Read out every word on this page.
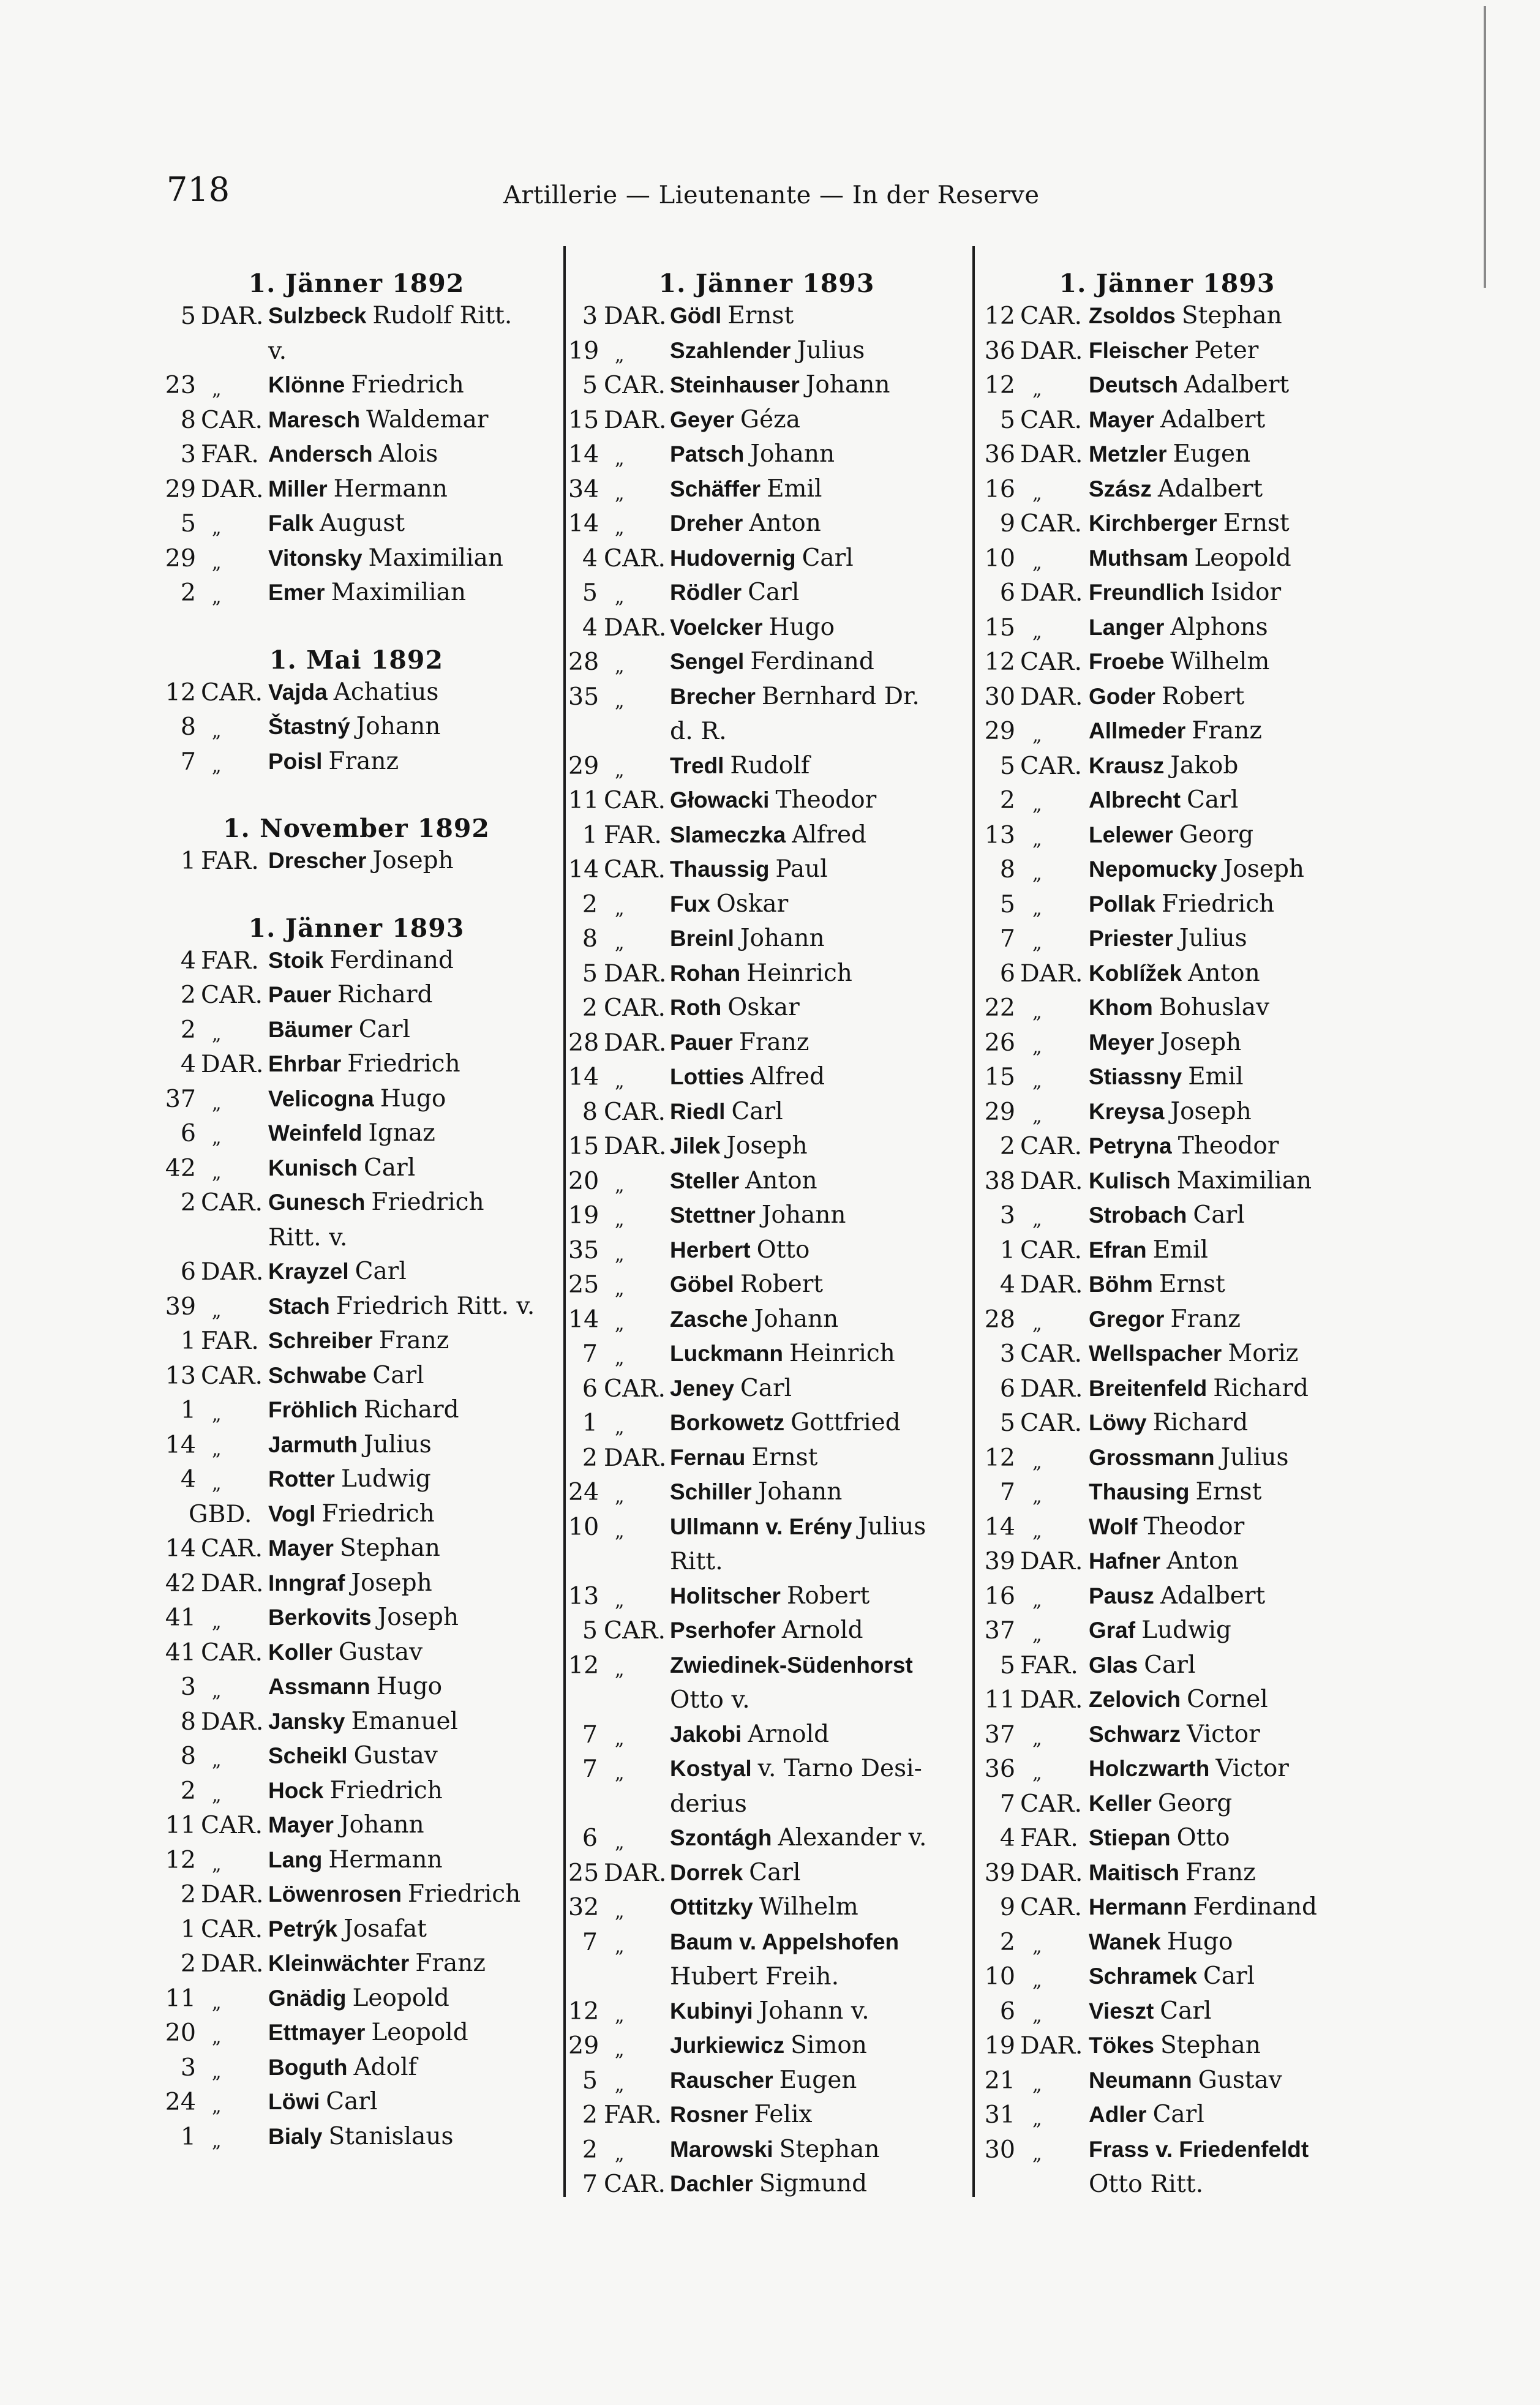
718	Artillerie — Lieutenante — In der Reserve
1. Jänner 1892
5 DAR. Sulzbeck Rudolf Ritt.
v.
23 „ Klönne Friedrich
8 CAR. Maresch Waldemar
3 FAR. Andersch Alois
29 DAR. Miller Hermann
5 „ Falk August
29 „ Vitonsky Maximilian
2 „ Emer Maximilian
1. Mai 1892
12 CAR. Vajda Achatius
8 „ Štastný Johann
7 „ Poisl Franz
1. November 1892
1 FAR. Drescher Joseph
1. Jänner 1893
4 FAR. Stoik Ferdinand
2 CAR. Pauer Richard
2 „ Bäumer Carl
4 DAR. Ehrbar Friedrich
37 „ Velicogna Hugo
6 „ Weinfeld Ignaz
42 „ Kunisch Carl
2 CAR. Gunesch Friedrich
Ritt. v.
6 DAR. Krayzel Carl
39 „ Stach Friedrich Ritt. v.
1 FAR. Schreiber Franz
13 CAR. Schwabe Carl
1 „ Fröhlich Richard
14 „ Jarmuth Julius
4 „ Rotter Ludwig
GBD. Vogl Friedrich
14 CAR. Mayer Stephan
42 DAR. Inngraf Joseph
41 „ Berkovits Joseph
41 CAR. Koller Gustav
3 „ Assmann Hugo
8 DAR. Jansky Emanuel
8 „ Scheikl Gustav
2 „ Hock Friedrich
11 CAR. Mayer Johann
12 „ Lang Hermann
2 DAR. Löwenrosen Friedrich
1 CAR. Petrýk Josafat
2 DAR. Kleinwächter Franz
11 „ Gnädig Leopold
20 „ Ettmayer Leopold
3 „ Boguth Adolf
24 „ Löwi Carl
1 „ Bialy Stanislaus
1. Jänner 1893
3 DAR. Gödl Ernst
19 „ Szahlender Julius
5 CAR. Steinhauser Johann
15 DAR. Geyer Géza
14 „ Patsch Johann
34 „ Schäffer Emil
14 „ Dreher Anton
4 CAR. Hudovernig Carl
5 „ Rödler Carl
4 DAR. Voelcker Hugo
28 „ Sengel Ferdinand
35 „ Brecher Bernhard Dr.
d. R.
29 „ Tredl Rudolf
11 CAR. Głowacki Theodor
1 FAR. Slameczka Alfred
14 CAR. Thaussig Paul
2 „ Fux Oskar
8 „ Breinl Johann
5 DAR. Rohan Heinrich
2 CAR. Roth Oskar
28 DAR. Pauer Franz
14 „ Lotties Alfred
8 CAR. Riedl Carl
15 DAR. Jilek Joseph
20 „ Steller Anton
19 „ Stettner Johann
35 „ Herbert Otto
25 „ Göbel Robert
14 „ Zasche Johann
7 „ Luckmann Heinrich
6 CAR. Jeney Carl
1 „ Borkowetz Gottfried
2 DAR. Fernau Ernst
24 „ Schiller Johann
10 „ Ullmann v. Erény Julius
Ritt.
13 „ Holitscher Robert
5 CAR. Pserhofer Arnold
12 „ Zwiedinek-Südenhorst
Otto v.
7 „ Jakobi Arnold
7 „ Kostyal v. Tarno Desi-
derius
6 „ Szontágh Alexander v.
25 DAR. Dorrek Carl
32 „ Ottitzky Wilhelm
7 „ Baum v. Appelshofen
Hubert Freih.
12 „ Kubinyi Johann v.
29 „ Jurkiewicz Simon
5 „ Rauscher Eugen
2 FAR. Rosner Felix
2 „ Marowski Stephan
7 CAR. Dachler Sigmund
1. Jänner 1893
12 CAR. Zsoldos Stephan
36 DAR. Fleischer Peter
12 „ Deutsch Adalbert
5 CAR. Mayer Adalbert
36 DAR. Metzler Eugen
16 „ Szász Adalbert
9 CAR. Kirchberger Ernst
10 „ Muthsam Leopold
6 DAR. Freundlich Isidor
15 „ Langer Alphons
12 CAR. Froebe Wilhelm
30 DAR. Goder Robert
29 „ Allmeder Franz
5 CAR. Krausz Jakob
2 „ Albrecht Carl
13 „ Lelewer Georg
8 „ Nepomucky Joseph
5 „ Pollak Friedrich
7 „ Priester Julius
6 DAR. Koblížek Anton
22 „ Khom Bohuslav
26 „ Meyer Joseph
15 „ Stiassny Emil
29 „ Kreysa Joseph
2 CAR. Petryna Theodor
38 DAR. Kulisch Maximilian
3 „ Strobach Carl
1 CAR. Efran Emil
4 DAR. Böhm Ernst
28 „ Gregor Franz
3 CAR. Wellspacher Moriz
6 DAR. Breitenfeld Richard
5 CAR. Löwy Richard
12 „ Grossmann Julius
7 „ Thausing Ernst
14 „ Wolf Theodor
39 DAR. Hafner Anton
16 „ Pausz Adalbert
37 „ Graf Ludwig
5 FAR. Glas Carl
11 DAR. Zelovich Cornel
37 „ Schwarz Victor
36 „ Holczwarth Victor
7 CAR. Keller Georg
4 FAR. Stiepan Otto
39 DAR. Maitisch Franz
9 CAR. Hermann Ferdinand
2 „ Wanek Hugo
10 „ Schramek Carl
6 „ Vieszt Carl
19 DAR. Tökes Stephan
21 „ Neumann Gustav
31 „ Adler Carl
30 „ Frass v. Friedenfeldt
Otto Ritt.
